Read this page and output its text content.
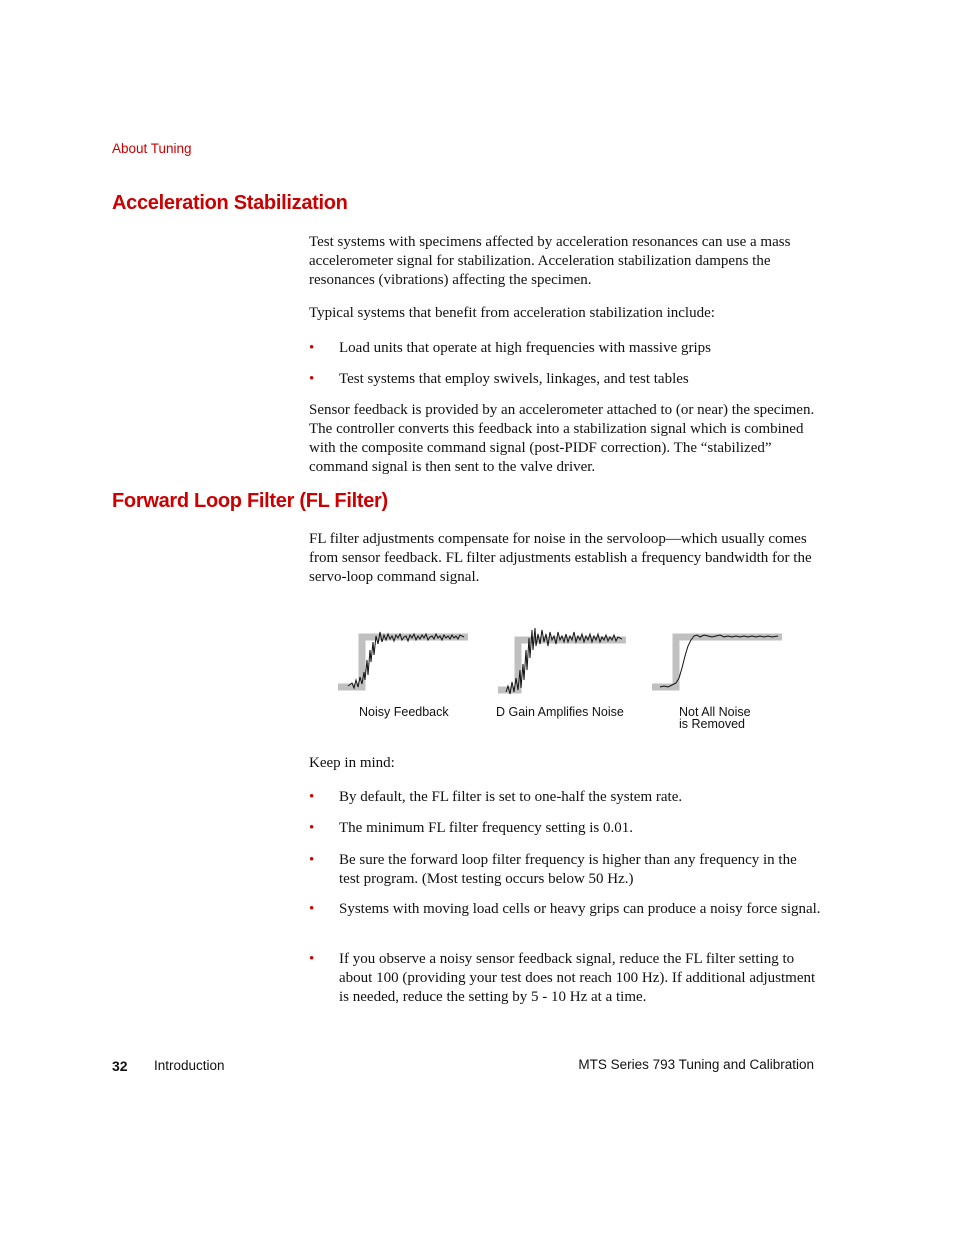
About Tuning
Acceleration Stabilization
Test systems with specimens affected by acceleration resonances can use a mass accelerometer signal for stabilization. Acceleration stabilization dampens the resonances (vibrations) affecting the specimen.
Typical systems that benefit from acceleration stabilization include:
• Load units that operate at high frequencies with massive grips
• Test systems that employ swivels, linkages, and test tables
Sensor feedback is provided by an accelerometer attached to (or near) the specimen. The controller converts this feedback into a stabilization signal which is combined with the composite command signal (post-PIDF correction). The “stabilized” command signal is then sent to the valve driver.
Forward Loop Filter (FL Filter)
FL filter adjustments compensate for noise in the servoloop—which usually comes from sensor feedback. FL filter adjustments establish a frequency bandwidth for the servo-loop command signal.
Noisy Feedback	D Gain Amplifies Noise	Not All Noise
is Removed
Keep in mind:
• By default, the FL filter is set to one-half the system rate.
• The minimum FL filter frequency setting is 0.01.
• Be sure the forward loop filter frequency is higher than any frequency in the test program. (Most testing occurs below 50 Hz.)
• Systems with moving load cells or heavy grips can produce a noisy force signal.
• If you observe a noisy sensor feedback signal, reduce the FL filter setting to about 100 (providing your test does not reach 100 Hz). If additional adjustment is needed, reduce the setting by 5 - 10 Hz at a time.
32 Introduction	MTS Series 793 Tuning and Calibration
